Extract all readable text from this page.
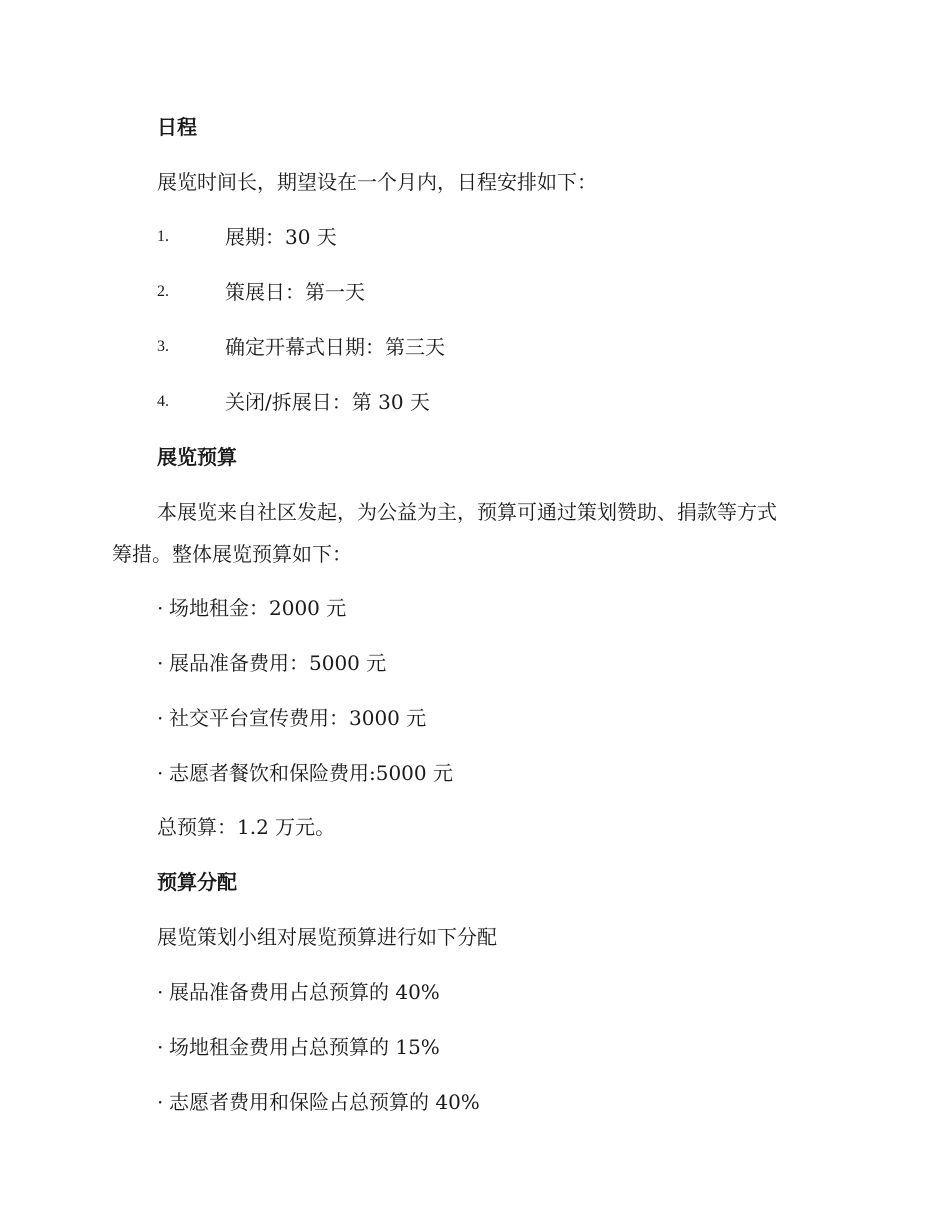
日程

展览时间长，期望设在一个月内，日程安排如下：

1.	展期：30 天
2.	策展日：第一天
3.	确定开幕式日期：第三天
4.	关闭/拆展日：第 30 天
展览预算

本展览来自社区发起，为公益为主，预算可通过策划赞助、捐款等方式

筹措。整体展览预算如下：

· 场地租金：2000 元
· 展品准备费用：5000 元
· 社交平台宣传费用：3000 元
· 志愿者餐饮和保险费用:5000 元

总预算：1.2 万元。

预算分配

展览策划小组对展览预算进行如下分配

· 展品准备费用占总预算的 40%
· 场地租金费用占总预算的 15%
· 志愿者费用和保险占总预算的 40%
